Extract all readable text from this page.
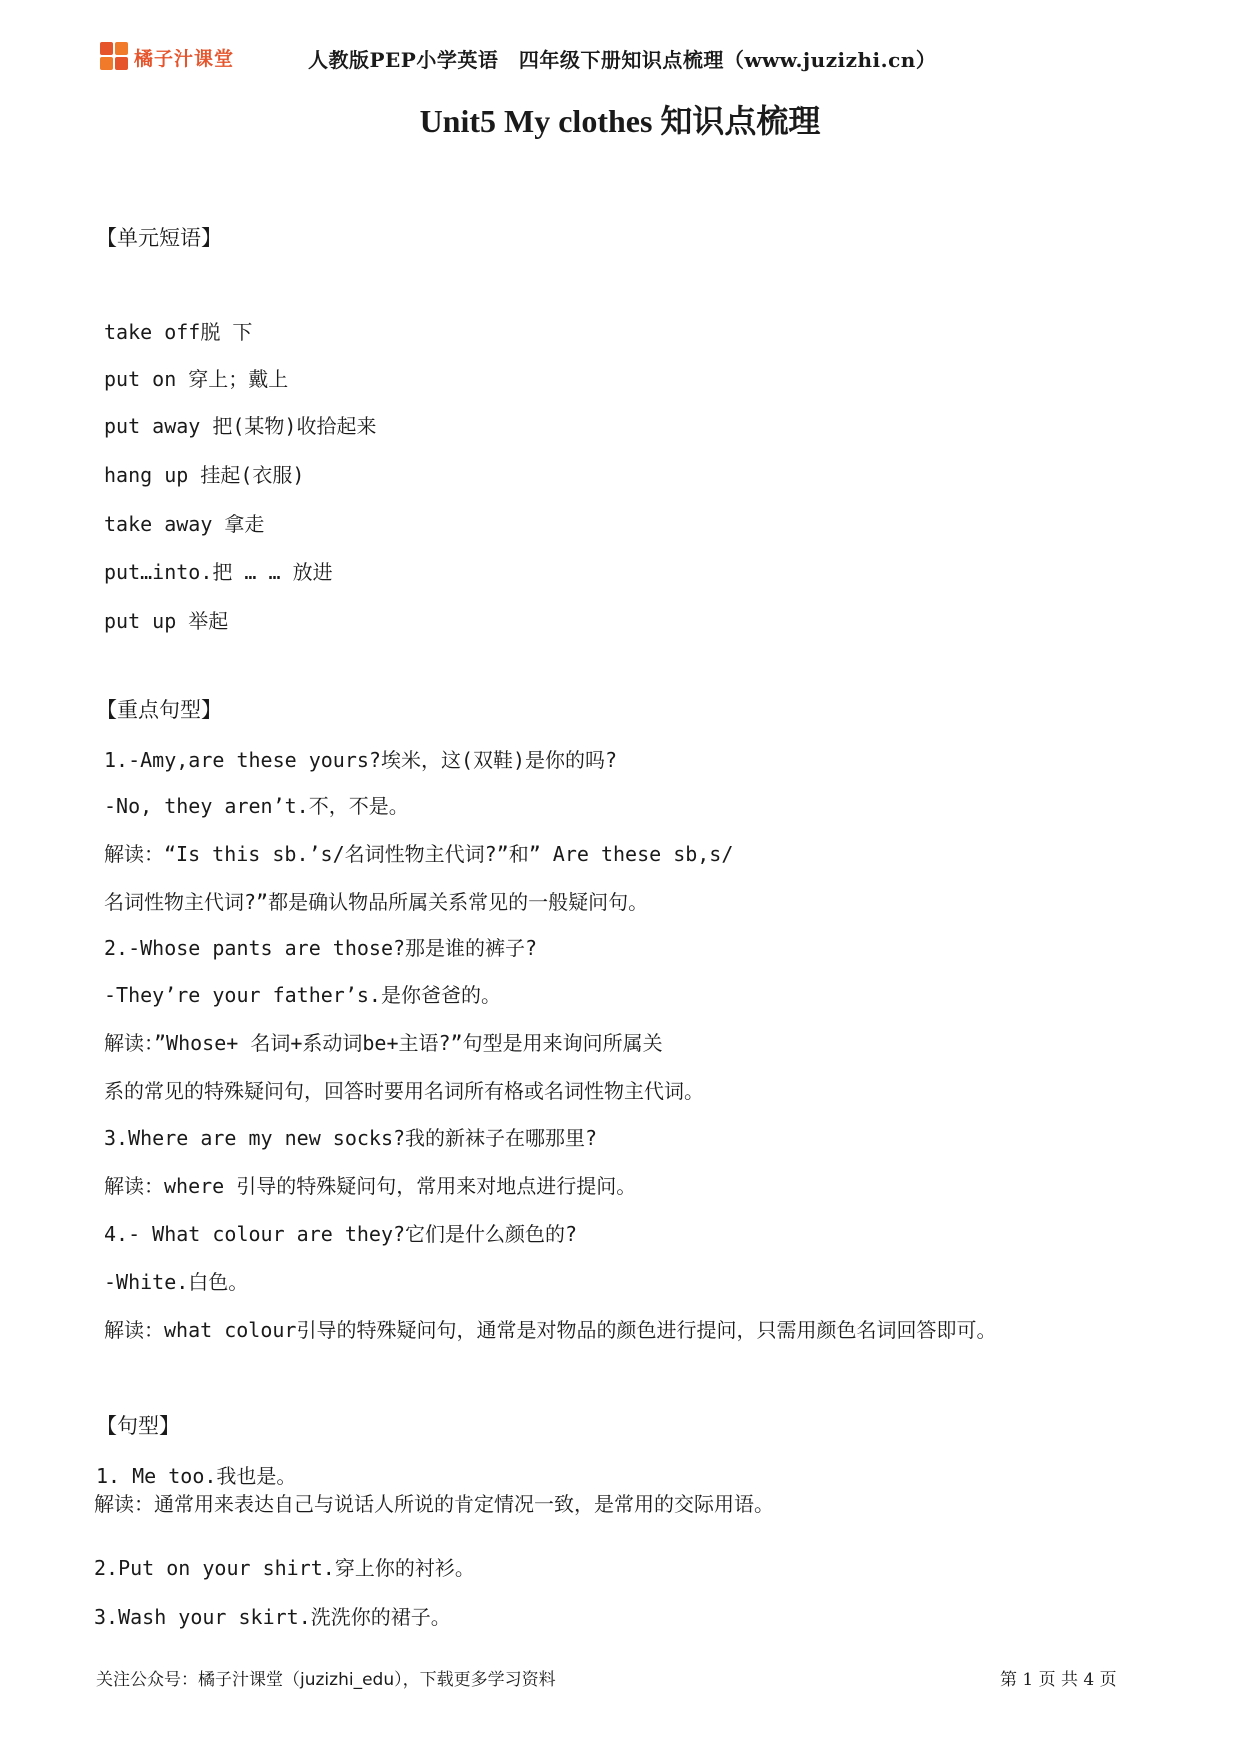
橘子汁课堂	人教版PEP小学英语　四年级下册知识点梳理（www.juzizhi.cn）
Unit5 My clothes 知识点梳理
【单元短语】
take off脱 下
put on 穿上；戴上
put away 把(某物)收拾起来
hang up 挂起(衣服)
take away 拿走
put…into.把 … … 放进
put up 举起
【重点句型】
1.-Amy,are these yours?埃米，这(双鞋)是你的吗?
-No, they aren’t.不，不是。
解读：“Is this sb.’s/名词性物主代词?”和” Are these sb,s/
名词性物主代词?”都是确认物品所属关系常见的一般疑问句。
2.-Whose pants are those?那是谁的裤子?
-They’re your father’s.是你爸爸的。
解读：”Whose+ 名词+系动词be+主语?”句型是用来询问所属关
系的常见的特殊疑问句，回答时要用名词所有格或名词性物主代词。
3.Where are my new socks?我的新袜子在哪那里?
解读：where 引导的特殊疑问句，常用来对地点进行提问。
4.- What colour are they?它们是什么颜色的?
-White.白色。
解读：what colour引导的特殊疑问句，通常是对物品的颜色进行提问，只需用颜色名词回答即可。
【句型】
1. Me too.我也是。
解读：通常用来表达自己与说话人所说的肯定情况一致，是常用的交际用语。
2.Put on your shirt.穿上你的衬衫。
3.Wash your skirt.洗洗你的裙子。
关注公众号：橘子汁课堂（juzizhi_edu），下载更多学习资料	第 1 页 共 4 页
